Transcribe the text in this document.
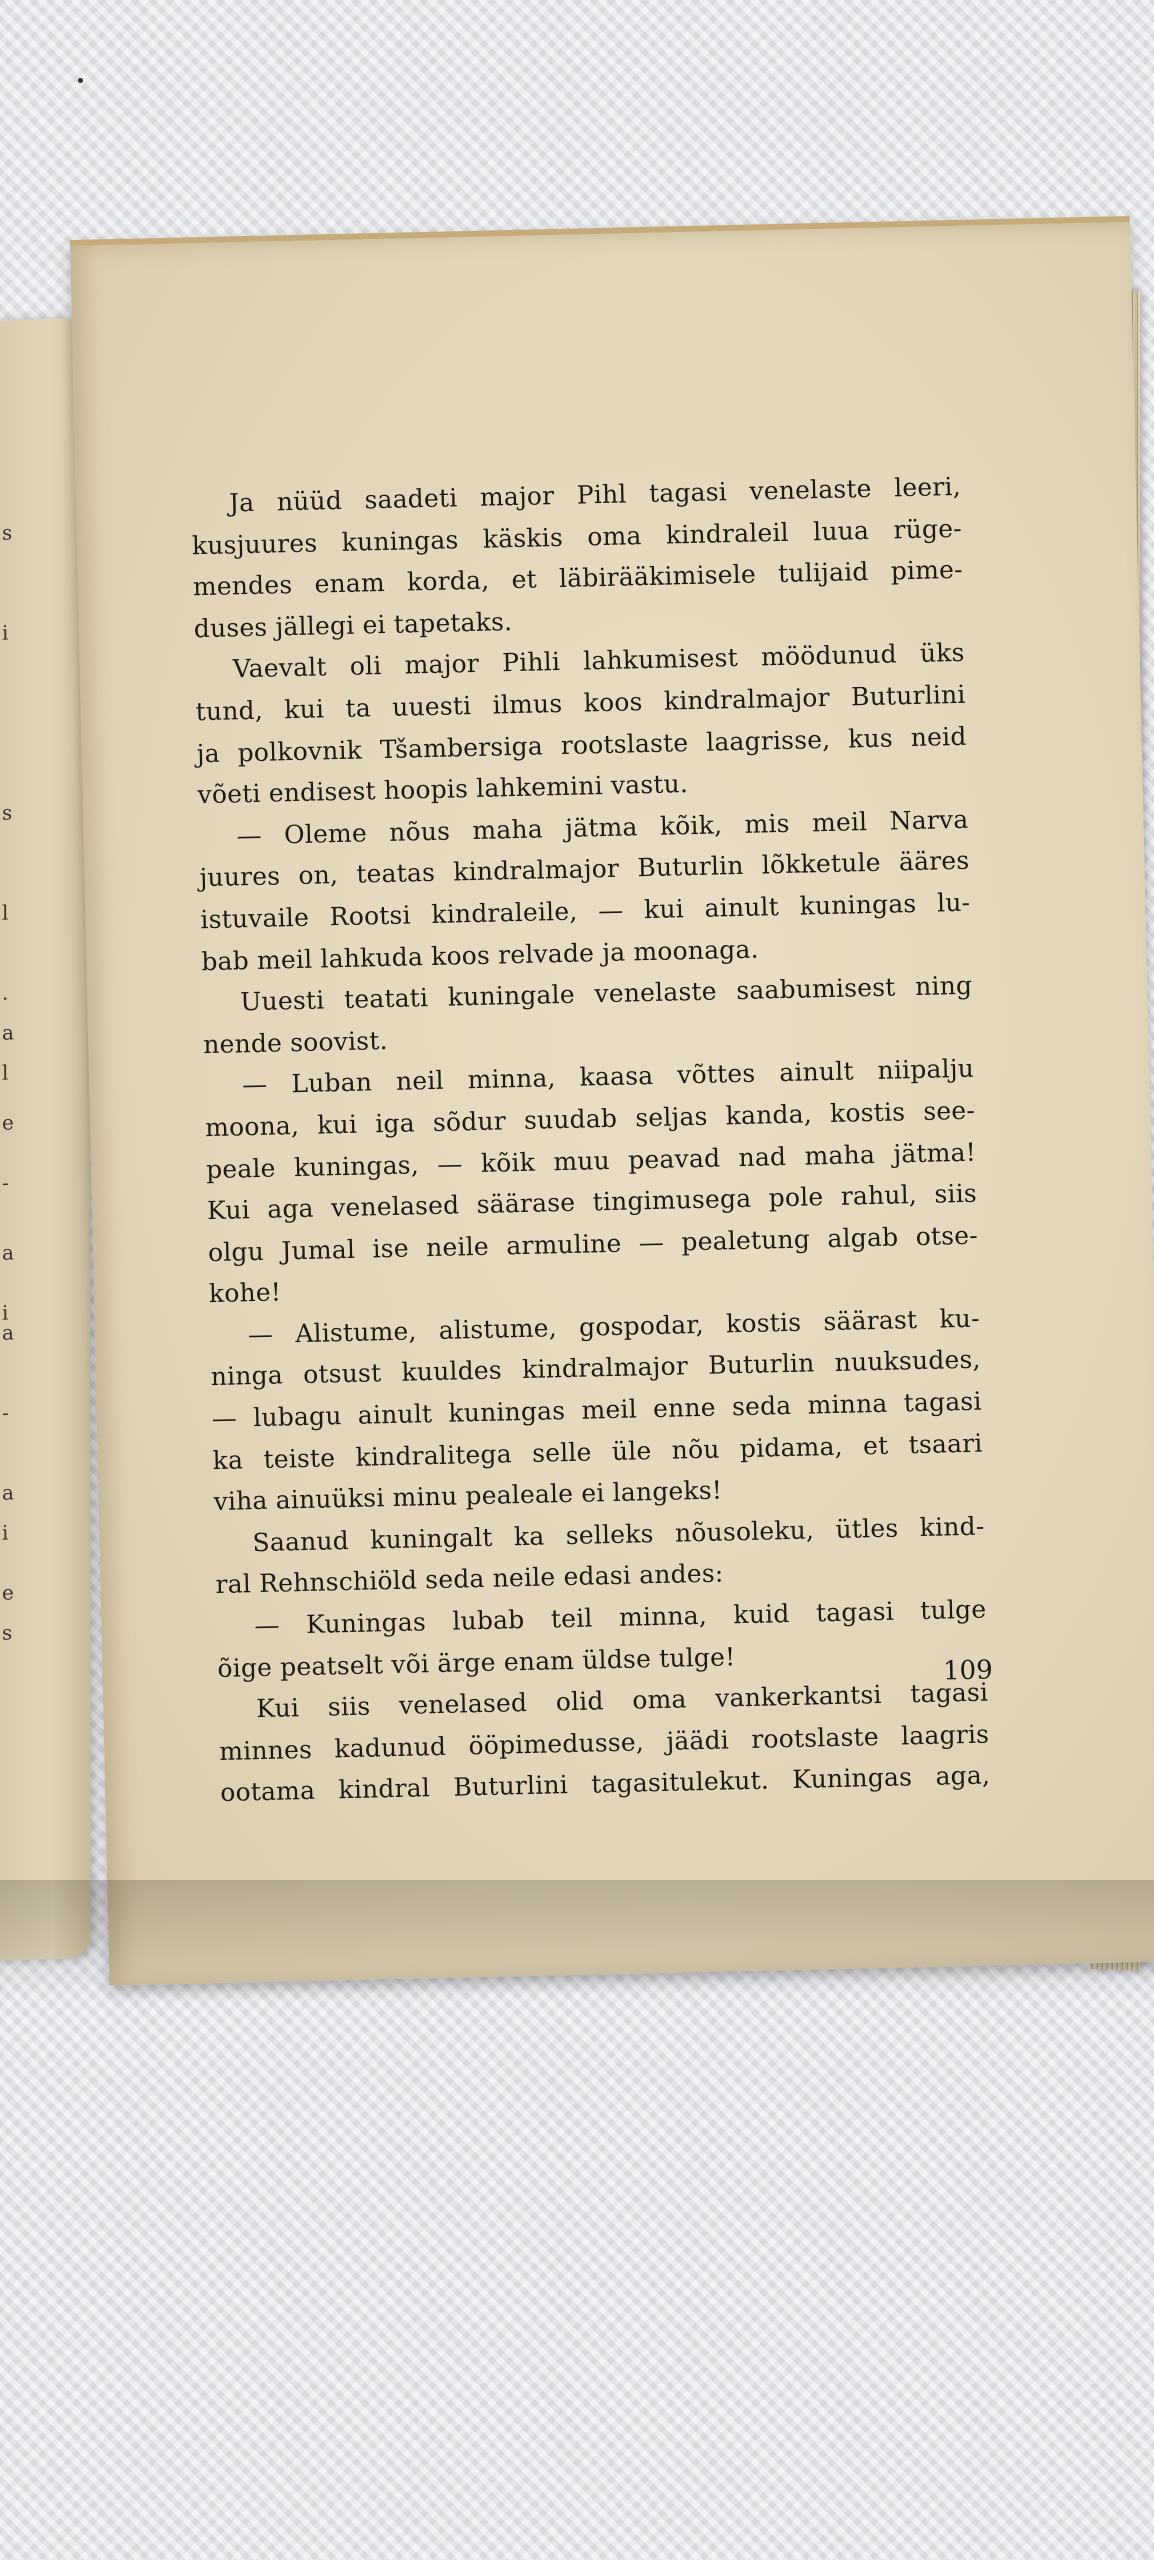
s
i
s
l
.
a
l
e
-
a
i
a
-
a
i
e
s
Ja nüüd saadeti major Pihl tagasi venelaste leeri,
kusjuures kuningas käskis oma kindraleil luua rüge-
mendes enam korda, et läbirääkimisele tulijaid pime-
duses jällegi ei tapetaks.
Vaevalt oli major Pihli lahkumisest möödunud üks
tund, kui ta uuesti ilmus koos kindralmajor Buturlini
ja polkovnik Tšambersiga rootslaste laagrisse, kus neid
võeti endisest hoopis lahkemini vastu.
— Oleme nõus maha jätma kõik, mis meil Narva
juures on, teatas kindralmajor Buturlin lõkketule ääres
istuvaile Rootsi kindraleile, — kui ainult kuningas lu-
bab meil lahkuda koos relvade ja moonaga.
Uuesti teatati kuningale venelaste saabumisest ning
nende soovist.
— Luban neil minna, kaasa võttes ainult niipalju
moona, kui iga sõdur suudab seljas kanda, kostis see-
peale kuningas, — kõik muu peavad nad maha jätma!
Kui aga venelased säärase tingimusega pole rahul, siis
olgu Jumal ise neile armuline — pealetung algab otse-
kohe!
— Alistume, alistume, gospodar, kostis säärast ku-
ninga otsust kuuldes kindralmajor Buturlin nuuksudes,
— lubagu ainult kuningas meil enne seda minna tagasi
ka teiste kindralitega selle üle nõu pidama, et tsaari
viha ainuüksi minu pealeale ei langeks!
Saanud kuningalt ka selleks nõusoleku, ütles kind-
ral Rehnschiöld seda neile edasi andes:
— Kuningas lubab teil minna, kuid tagasi tulge
õige peatselt või ärge enam üldse tulge!
Kui siis venelased olid oma vankerkantsi tagasi
minnes kadunud ööpimedusse, jäädi rootslaste laagris
ootama kindral Buturlini tagasitulekut. Kuningas aga,
109
